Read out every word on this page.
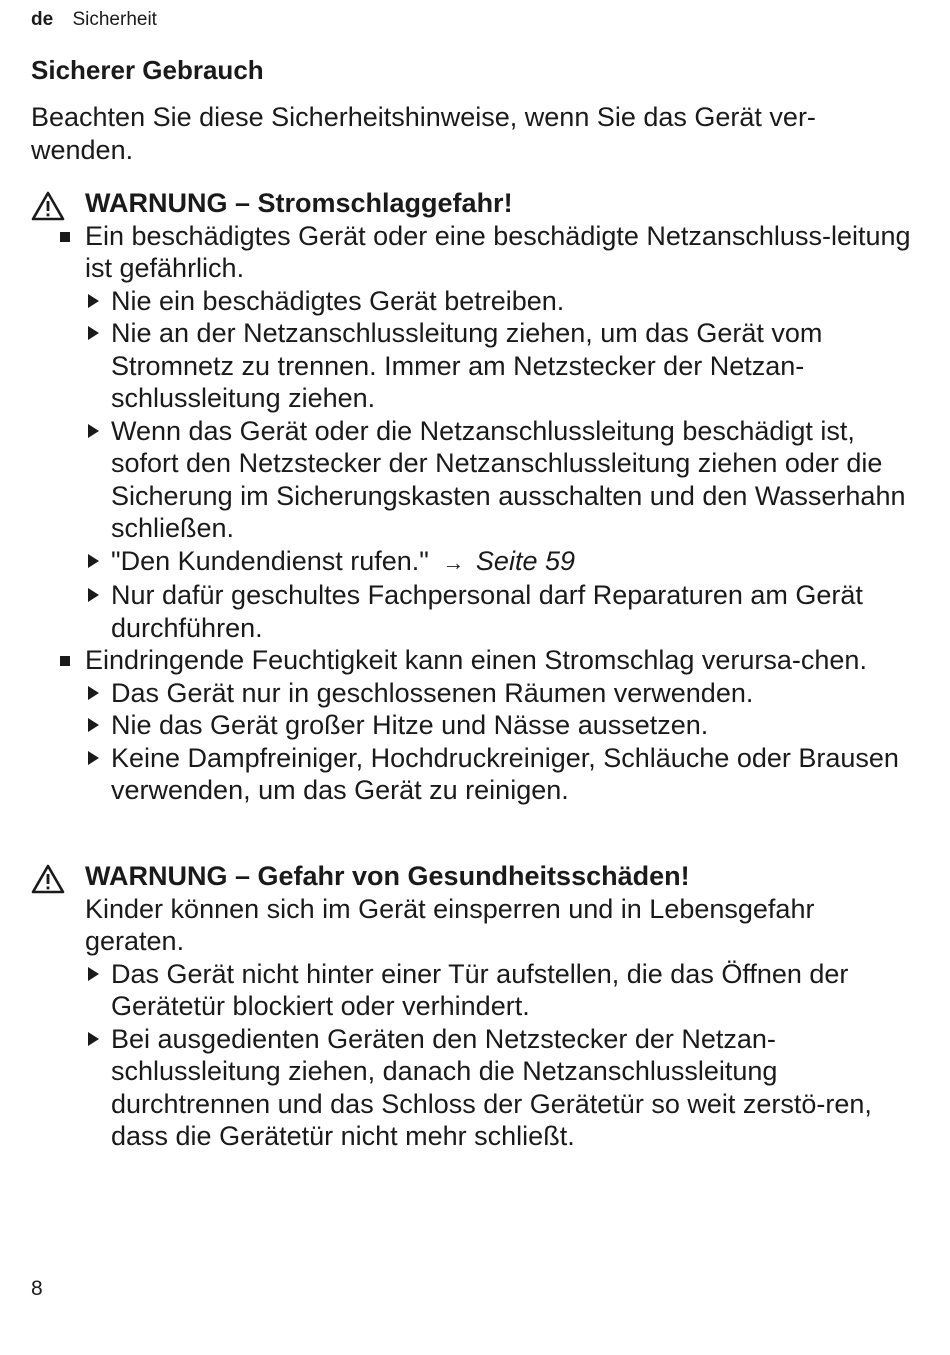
de Sicherheit
Sicherer Gebrauch

Beachten Sie diese Sicherheitshinweise, wenn Sie das Gerät ver-wenden.

WARNUNG – Stromschlaggefahr!
Ein beschädigtes Gerät oder eine beschädigte Netzanschluss-leitung ist gefährlich.
Nie ein beschädigtes Gerät betreiben.
Nie an der Netzanschlussleitung ziehen, um das Gerät vom Stromnetz zu trennen. Immer am Netzstecker der Netzan-schlussleitung ziehen.
Wenn das Gerät oder die Netzanschlussleitung beschädigt ist, sofort den Netzstecker der Netzanschlussleitung ziehen oder die Sicherung im Sicherungskasten ausschalten und den Wasserhahn schließen.
"Den Kundendienst rufen." → Seite 59
Nur dafür geschultes Fachpersonal darf Reparaturen am Gerät durchführen.
Eindringende Feuchtigkeit kann einen Stromschlag verursa-chen.
Das Gerät nur in geschlossenen Räumen verwenden.
Nie das Gerät großer Hitze und Nässe aussetzen.
Keine Dampfreiniger, Hochdruckreiniger, Schläuche oder Brausen verwenden, um das Gerät zu reinigen.
WARNUNG – Gefahr von Gesundheitsschäden!
Kinder können sich im Gerät einsperren und in Lebensgefahr geraten.
Das Gerät nicht hinter einer Tür aufstellen, die das Öffnen der Gerätetür blockiert oder verhindert.
Bei ausgedienten Geräten den Netzstecker der Netzan-schlussleitung ziehen, danach die Netzanschlussleitung durchtrennen und das Schloss der Gerätetür so weit zerstö-ren, dass die Gerätetür nicht mehr schließt.
8
